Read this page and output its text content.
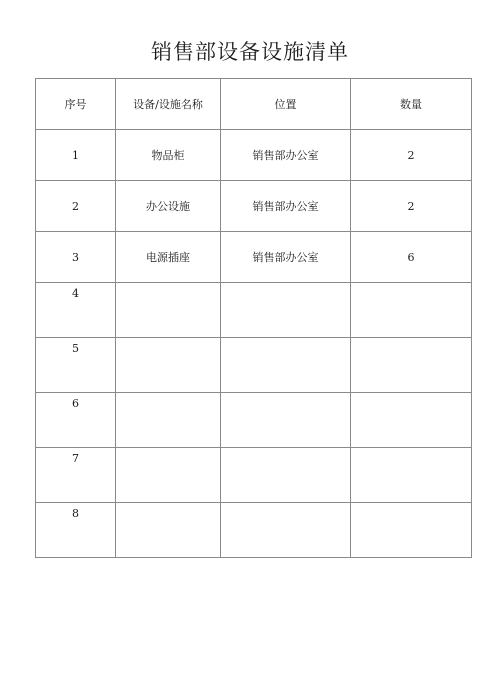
销售部设备设施清单
序号	设备/设施名称	位置	数量
1	物品柜	销售部办公室	2
2	办公设施	销售部办公室	2
3	电源插座	销售部办公室	6
4			
5			
6			
7			
8			
